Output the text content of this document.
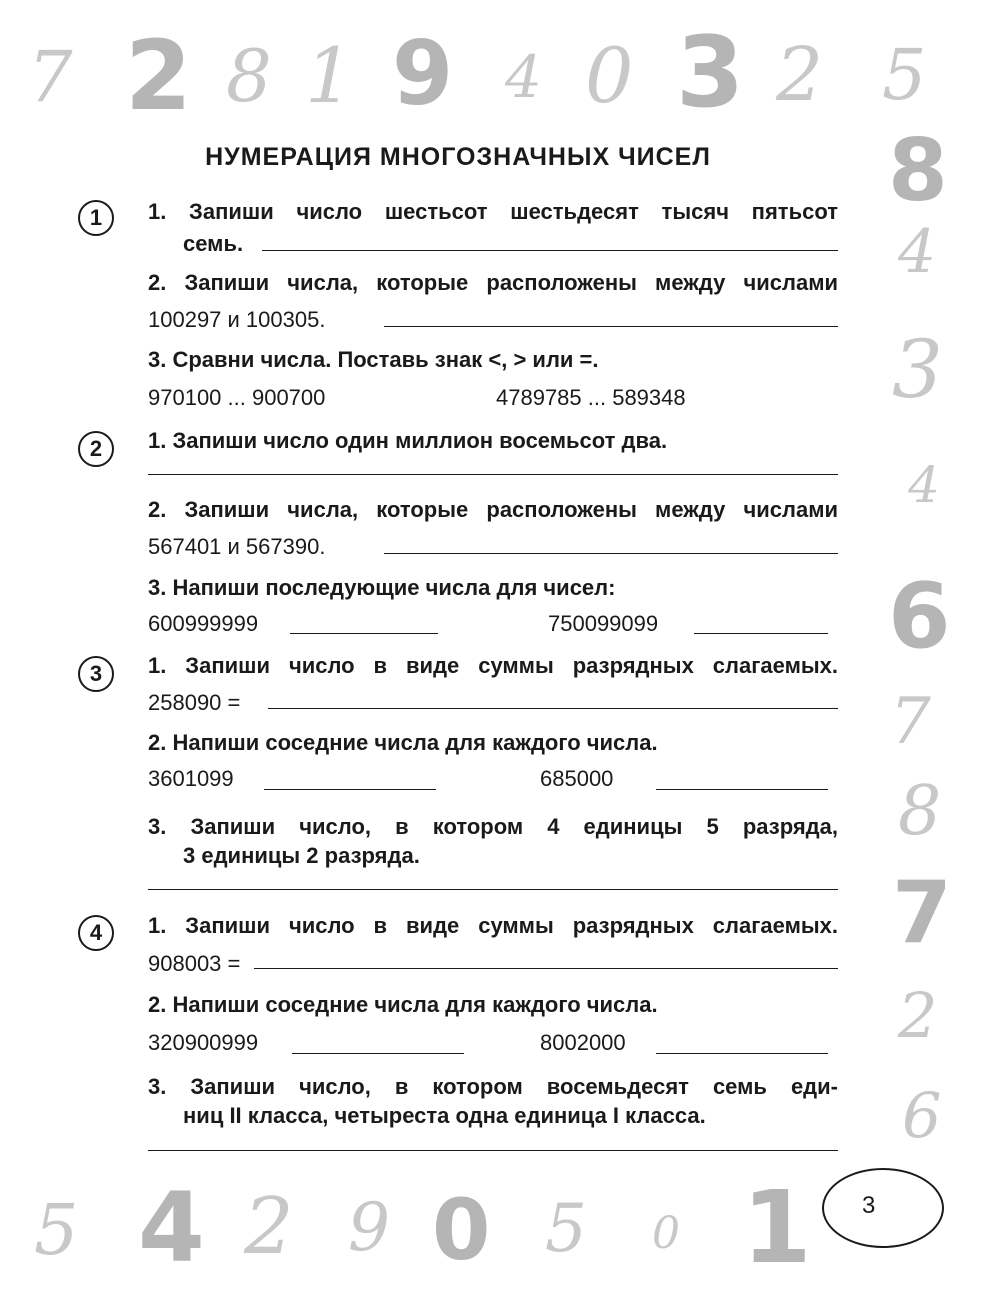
7 2 8 1 9 4 0 3 2 5
8
4
3
4
6
7
8
7
2
6
5 4 2 9 0 5 0 1
НУМЕРАЦИЯ МНОГОЗНАЧНЫХ ЧИСЕЛ
1	1. Запиши число шестьсот шестьдесят тысяч пятьсот
семь.
2. Запиши числа, которые расположены между числами
100297 и 100305.
3. Сравни числа. Поставь знак <, > или =.
970100 ... 900700	4789785 ... 589348
2	1. Запиши число один миллион восемьсот два.
2. Запиши числа, которые расположены между числами
567401 и 567390.
3. Напиши последующие числа для чисел:
600999999	750099099
3	1. Запиши число в виде суммы разрядных слагаемых.
258090 =
2. Напиши соседние числа для каждого числа.
3601099	685000
3. Запиши число, в котором 4 единицы 5 разряда,
3 единицы 2 разряда.
4	1. Запиши число в виде суммы разрядных слагаемых.
908003 =
2. Напиши соседние числа для каждого числа.
320900999	8002000
3. Запиши число, в котором восемьдесят семь еди-
ниц II класса, четыреста одна единица I класса.
3
